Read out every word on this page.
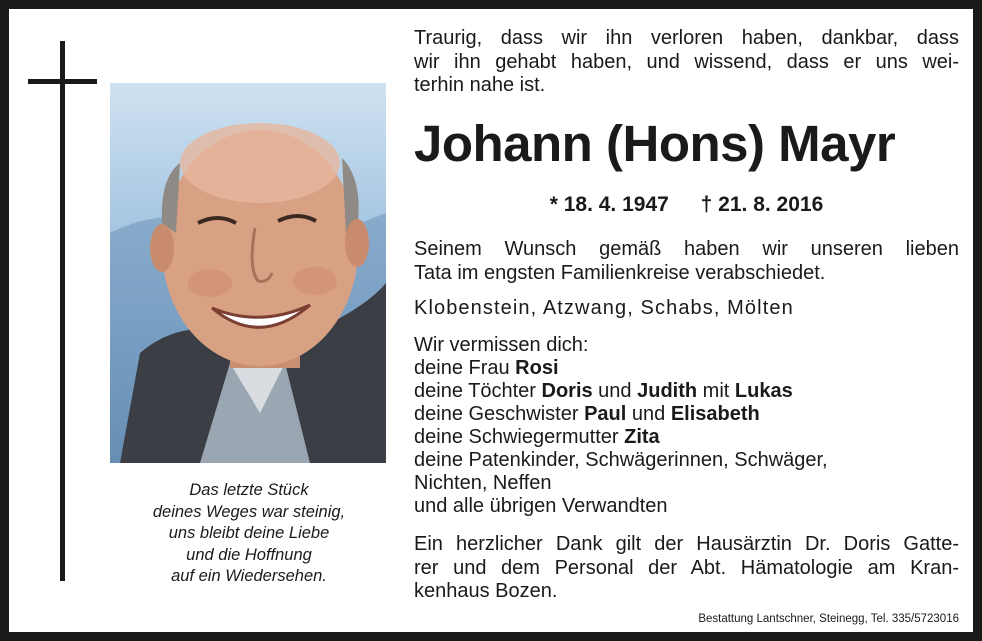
Das letzte Stück
deines Weges war steinig,
uns bleibt deine Liebe
und die Hoffnung
auf ein Wiedersehen.
Traurig, dass wir ihn verloren haben, dankbar, dass
wir ihn gehabt haben, und wissend, dass er uns wei-
terhin nahe ist.
Johann (Hons) Mayr
* 18. 4. 1947 † 21. 8. 2016
Seinem Wunsch gemäß haben wir unseren lieben
Tata im engsten Familienkreise verabschiedet.
Klobenstein, Atzwang, Schabs, Mölten
Wir vermissen dich:
deine Frau Rosi
deine Töchter Doris und Judith mit Lukas
deine Geschwister Paul und Elisabeth
deine Schwiegermutter Zita
deine Patenkinder, Schwägerinnen, Schwäger,
Nichten, Neffen
und alle übrigen Verwandten
Ein herzlicher Dank gilt der Hausärztin Dr. Doris Gatte-
rer und dem Personal der Abt. Hämatologie am Kran-
kenhaus Bozen.
Bestattung Lantschner, Steinegg, Tel. 335/5723016
